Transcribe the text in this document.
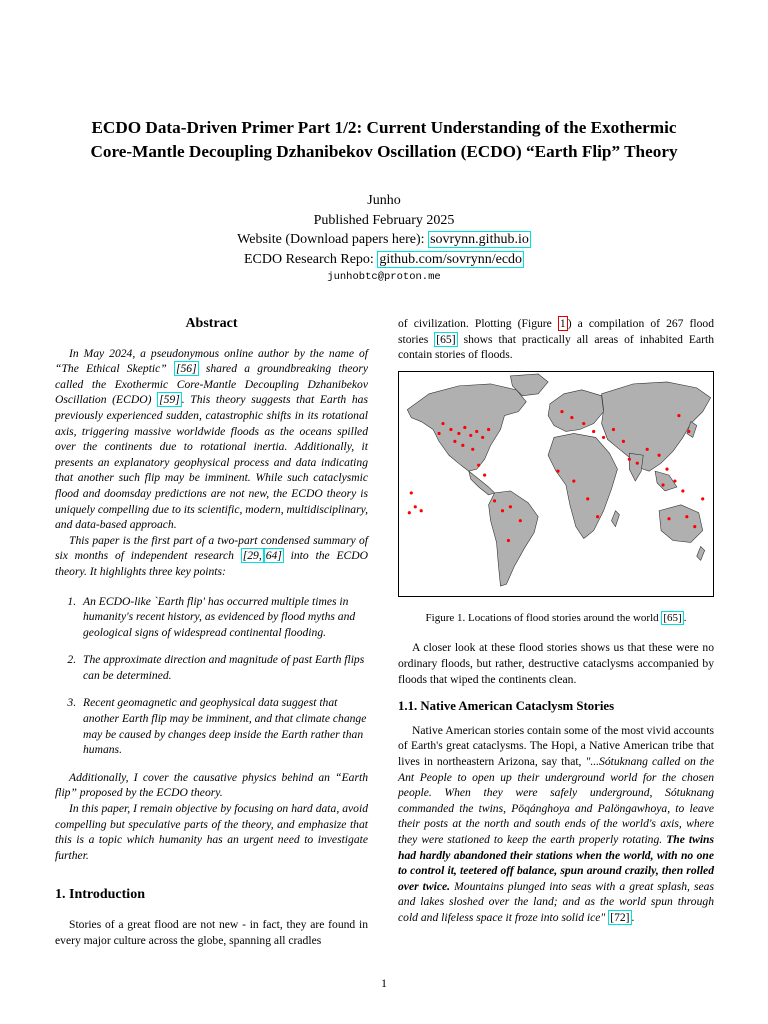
ECDO Data-Driven Primer Part 1/2: Current Understanding of the Exothermic
Core-Mantle Decoupling Dzhanibekov Oscillation (ECDO) “Earth Flip” Theory
Junho
Published February 2025
Website (Download papers here): sovrynn.github.io
ECDO Research Repo: github.com/sovrynn/ecdo
junhobtc@proton.me
Abstract

In May 2024, a pseudonymous online author by the name of “The Ethical Skeptic” [56] shared a groundbreaking theory called the Exothermic Core-Mantle Decoupling Dzhanibekov Oscillation (ECDO) [59] . This theory suggests that Earth has previously experienced sudden, catastrophic shifts in its rotational axis, triggering massive worldwide floods as the oceans spilled over the continents due to rotational inertia. Additionally, it presents an explanatory geophysical process and data indicating that another such flip may be imminent. While such cataclysmic flood and doomsday predictions are not new, the ECDO theory is uniquely compelling due to its scientific, modern, multidisciplinary, and data-based approach.

This paper is the first part of a two-part condensed summary of six months of independent research [29, 64] into the ECDO theory. It highlights three key points:

1. An ECDO-like `Earth flip' has occurred multiple times in humanity's recent history, as evidenced by flood myths and geological signs of widespread continental flooding.
2. The approximate direction and magnitude of past Earth flips can be determined.
3. Recent geomagnetic and geophysical data suggest that another Earth flip may be imminent, and that climate change may be caused by changes deep inside the Earth rather than humans.

Additionally, I cover the causative physics behind an “Earth flip” proposed by the ECDO theory.

In this paper, I remain objective by focusing on hard data, avoid compelling but speculative parts of the theory, and emphasize that this is a topic which humanity has an urgent need to investigate further.

1. Introduction

Stories of a great flood are not new - in fact, they are found in every major culture across the globe, spanning all cradles

of civilization. Plotting (Figure 1 ) a compilation of 267 flood stories [65] shows that practically all areas of inhabited Earth contain stories of floods.

Figure 1. Locations of flood stories around the world [65] .

A closer look at these flood stories shows us that these were no ordinary floods, but rather, destructive cataclysms accompanied by floods that wiped the continents clean.

1.1. Native American Cataclysm Stories

Native American stories contain some of the most vivid accounts of Earth's great cataclysms. The Hopi, a Native American tribe that lives in northeastern Arizona, say that, "...Sótuknang called on the Ant People to open up their underground world for the chosen people. When they were safely underground, Sótuknang commanded the twins, Pöqánghoya and Palöngawhoya, to leave their posts at the north and south ends of the world's axis, where they were stationed to keep the earth properly rotating. The twins had hardly abandoned their stations when the world, with no one to control it, teetered off balance, spun around crazily, then rolled over twice. Mountains plunged into seas with a great splash, seas and lakes sloshed over the land; and as the world spun through cold and lifeless space it froze into solid ice" [72] .

1
